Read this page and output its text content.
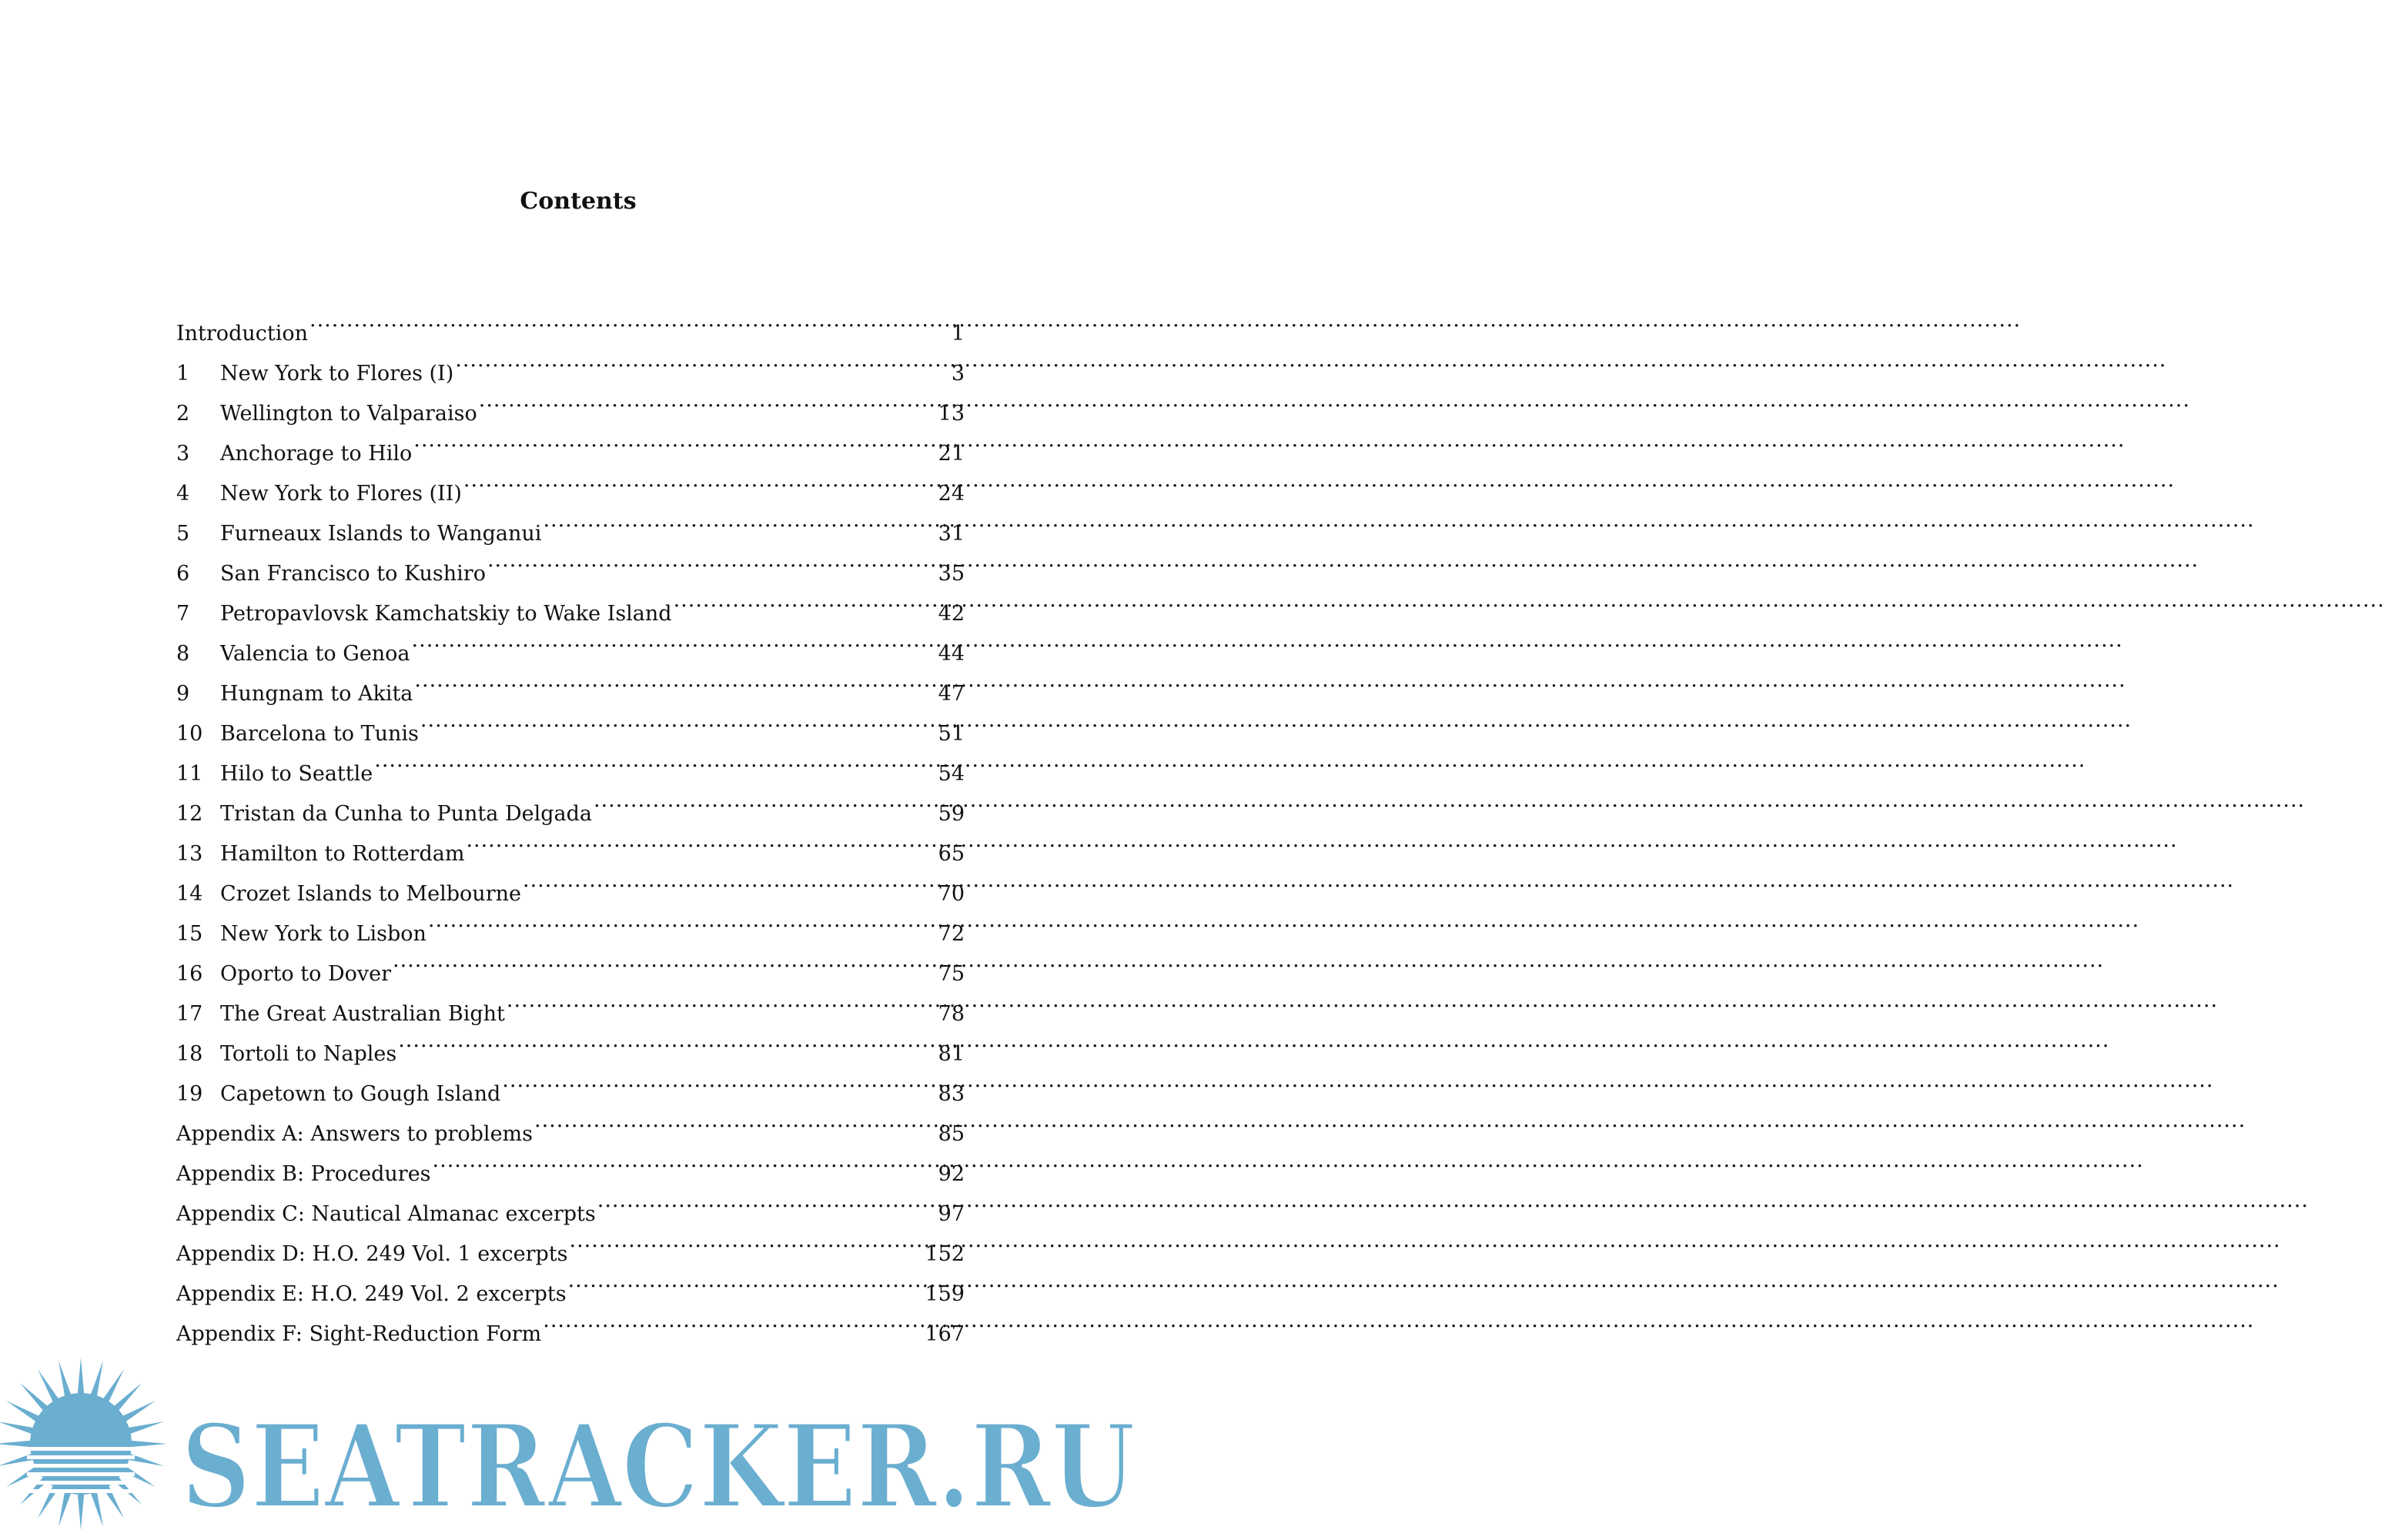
Contents
Introduction .....	1
1	New York to Flores (I) .....	3
2	Wellington to Valparaiso .....	13
3	Anchorage to Hilo .....	21
4	New York to Flores (II) .....	24
5	Furneaux Islands to Wanganui .....	31
6	San Francisco to Kushiro .....	35
7	Petropavlovsk Kamchatskiy to Wake Island .....	42
8	Valencia to Genoa .....	44
9	Hungnam to Akita .....	47
10 Barcelona to Tunis .....	51
11 Hilo to Seattle .....	54
12 Tristan da Cunha to Punta Delgada .....	59
13 Hamilton to Rotterdam .....	65
14 Crozet Islands to Melbourne .....	70
15 New York to Lisbon .....	72
16 Oporto to Dover .....	75
17 The Great Australian Bight .....	78
18 Tortoli to Naples .....	81
19 Capetown to Gough Island .....	83
Appendix A: Answers to problems .....	85
Appendix B: Procedures .....	92
Appendix C: Nautical Almanac excerpts .....	97
Appendix D: H.O. 249 Vol. 1 excerpts .....	152
Appendix E: H.O. 249 Vol. 2 excerpts .....	159
Appendix F: Sight-Reduction Form .....	167
SEATRACKER.RU
